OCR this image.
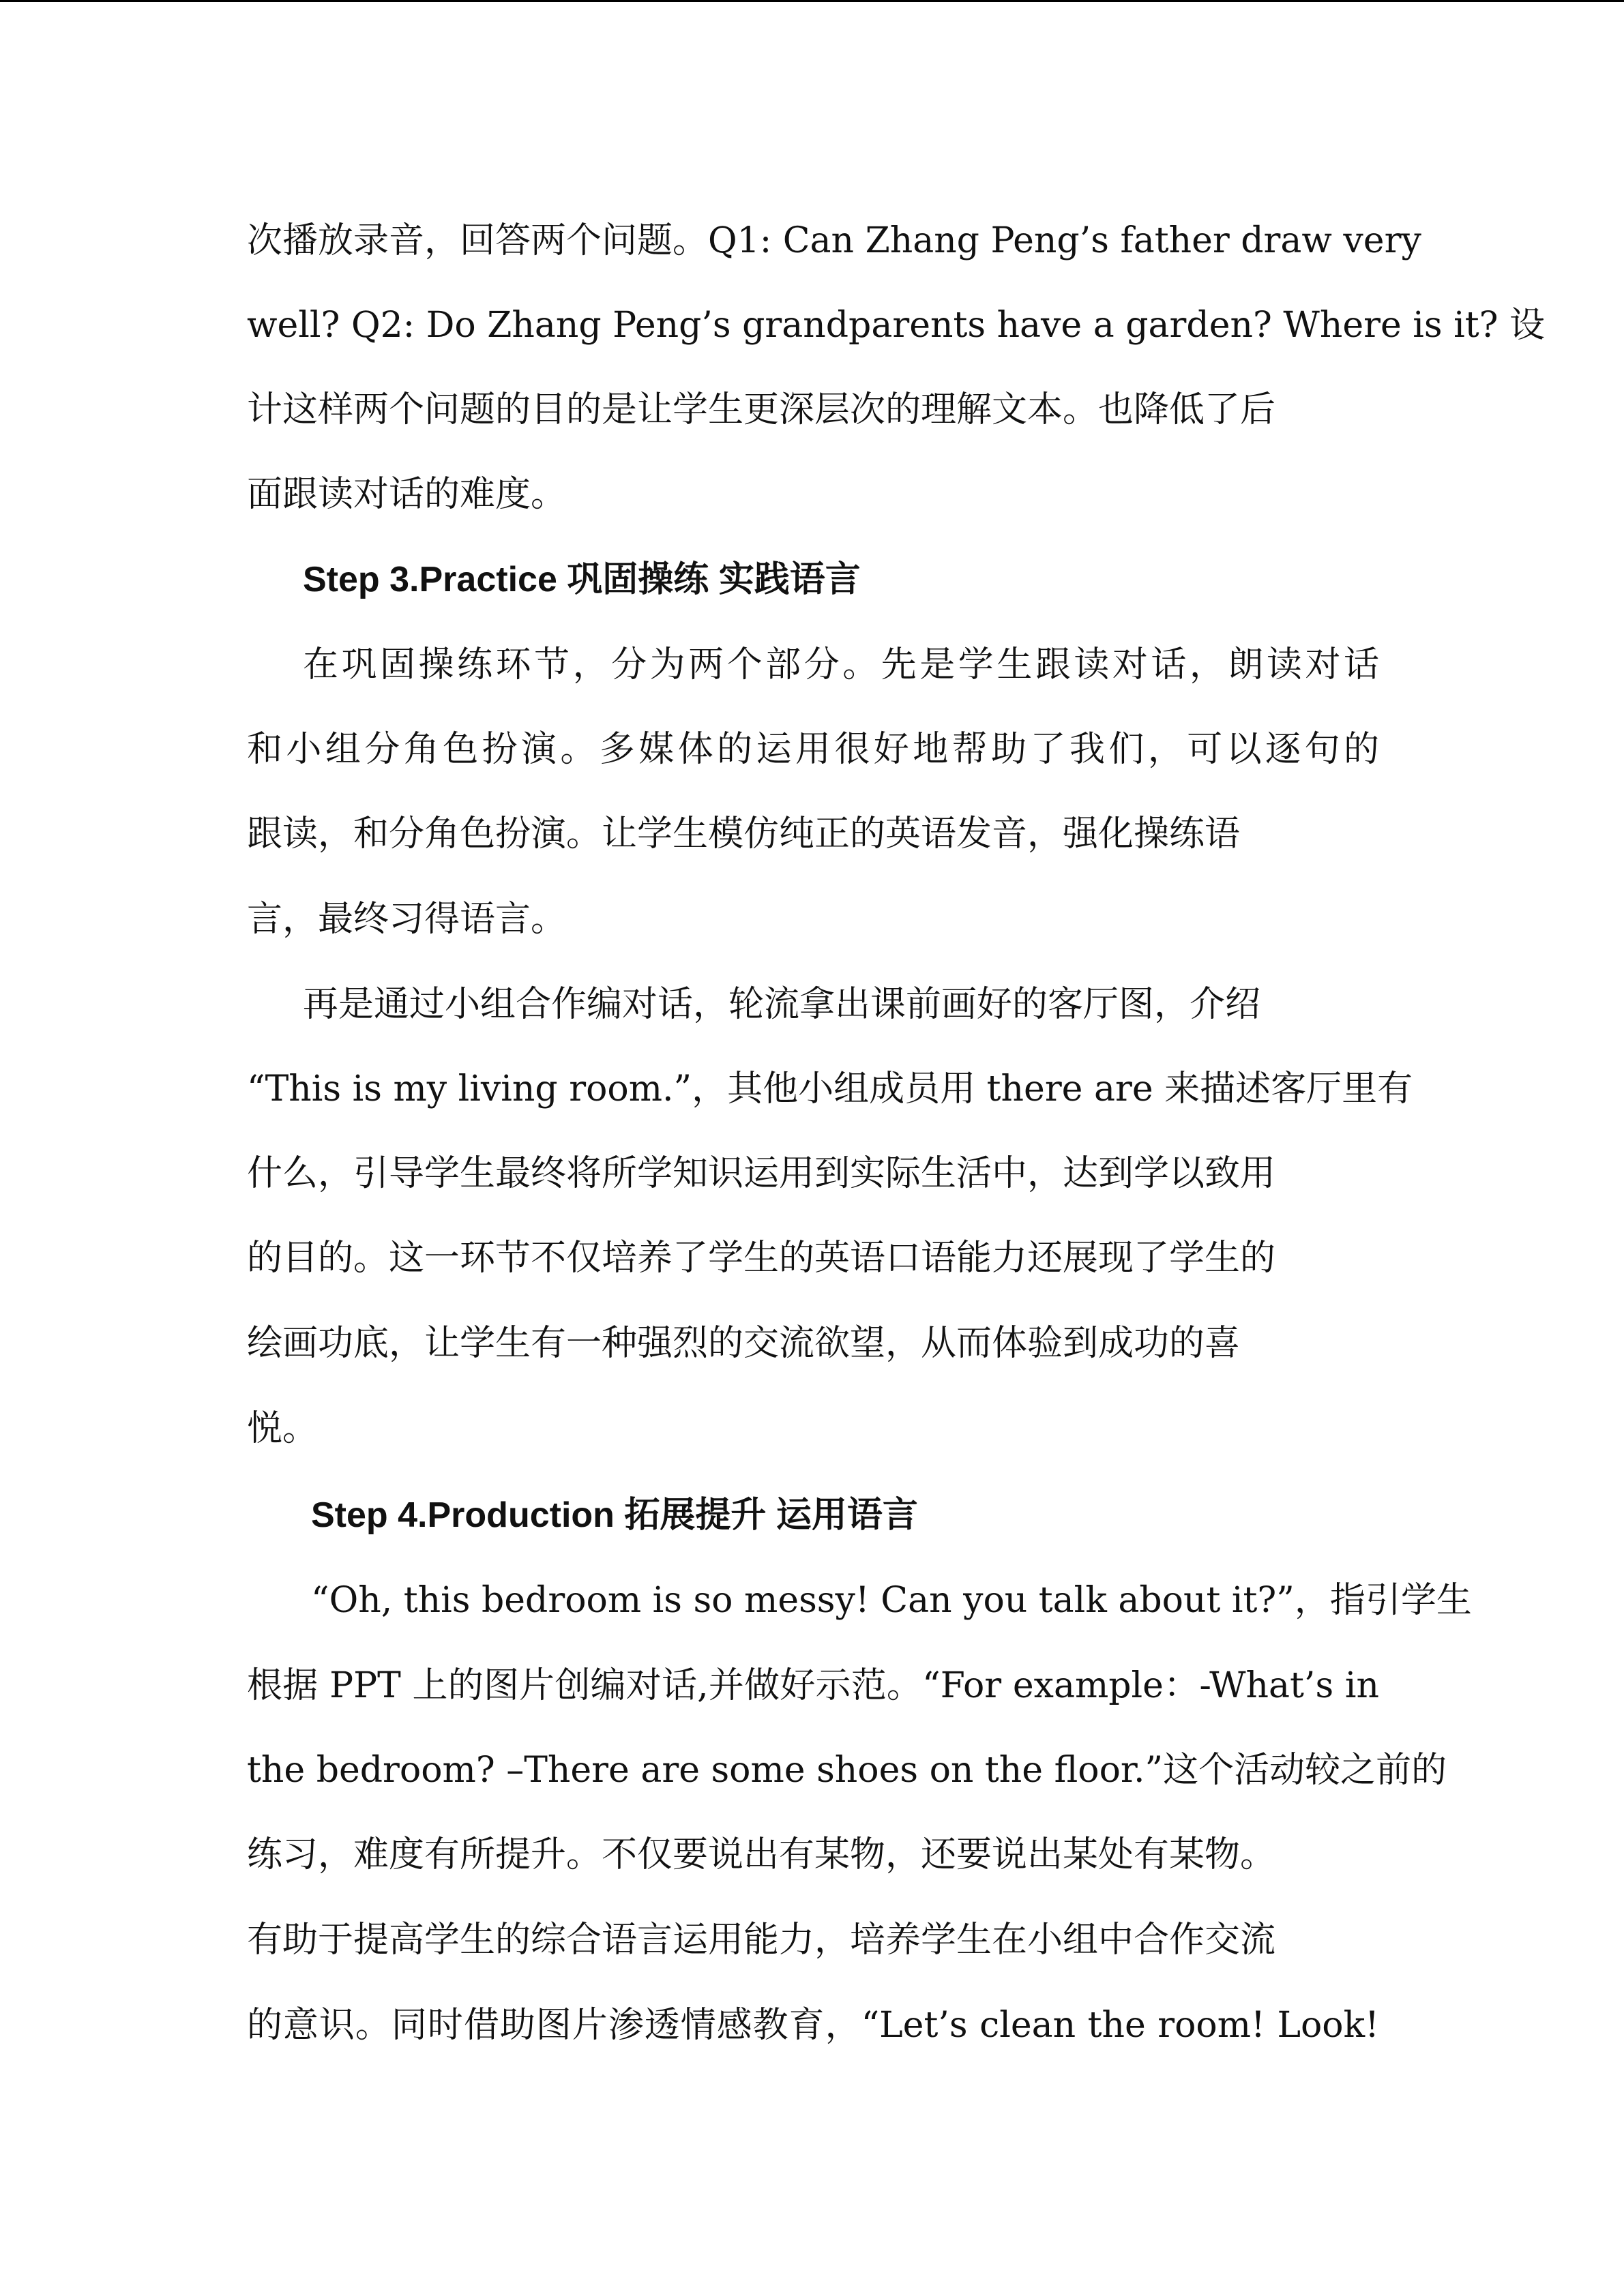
次播放录音，回答两个问题。Q1: Can Zhang Peng’s father draw very
well? Q2: Do Zhang Peng’s grandparents have a garden? Where is it? 设
计这样两个问题的目的是让学生更深层次的理解文本。也降低了后
面跟读对话的难度。
Step 3.Practice 巩固操练 实践语言
在巩固操练环节，分为两个部分。先是学生跟读对话，朗读对话
和小组分角色扮演。多媒体的运用很好地帮助了我们，可以逐句的
跟读，和分角色扮演。让学生模仿纯正的英语发音，强化操练语
言，最终习得语言。
再是通过小组合作编对话，轮流拿出课前画好的客厅图，介绍
“This is my living room.”，其他小组成员用 there are 来描述客厅里有
什么，引导学生最终将所学知识运用到实际生活中，达到学以致用
的目的。这一环节不仅培养了学生的英语口语能力还展现了学生的
绘画功底，让学生有一种强烈的交流欲望，从而体验到成功的喜
悦。
Step 4.Production 拓展提升 运用语言
“Oh, this bedroom is so messy! Can you talk about it?”，指引学生
根据 PPT 上的图片创编对话,并做好示范。“For example：-What’s in
the bedroom? –There are some shoes on the floor.”这个活动较之前的
练习，难度有所提升。不仅要说出有某物，还要说出某处有某物。
有助于提高学生的综合语言运用能力，培养学生在小组中合作交流
的意识。同时借助图片渗透情感教育，“Let’s clean the room! Look!
